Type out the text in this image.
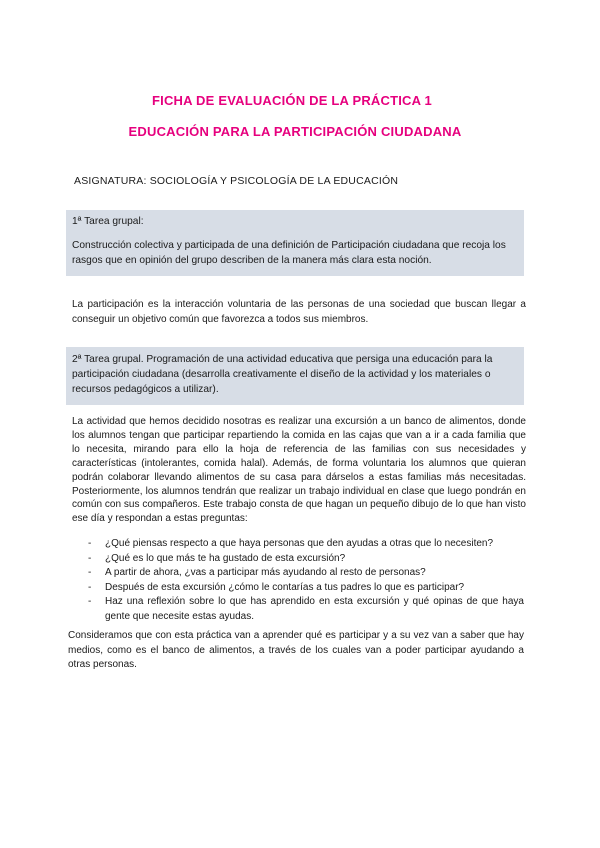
FICHA DE EVALUACIÓN DE LA PRÁCTICA 1
EDUCACIÓN PARA LA PARTICIPACIÓN CIUDADANA
ASIGNATURA: SOCIOLOGÍA Y PSICOLOGÍA DE LA EDUCACIÓN
1ª Tarea grupal:
Construcción colectiva y participada de una definición de Participación ciudadana que recoja los rasgos que en opinión del grupo describen de la manera más clara esta noción.
La participación es la interacción voluntaria de las personas de una sociedad que buscan llegar a conseguir un objetivo común que favorezca a todos sus miembros.
2ª Tarea grupal. Programación de una actividad educativa que persiga una educación para la participación ciudadana (desarrolla creativamente el diseño de la actividad y los materiales o recursos pedagógicos a utilizar).
La actividad que hemos decidido nosotras es realizar una excursión a un banco de alimentos, donde los alumnos tengan que participar repartiendo la comida en las cajas que van a ir a cada familia que lo necesita, mirando para ello la hoja de referencia de las familias con sus necesidades y características (intolerantes, comida halal). Además, de forma voluntaria los alumnos que quieran podrán colaborar llevando alimentos de su casa para dárselos a estas familias más necesitadas. Posteriormente, los alumnos tendrán que realizar un trabajo individual en clase que luego pondrán en común con sus compañeros. Este trabajo consta de que hagan un pequeño dibujo de lo que han visto ese día y respondan a estas preguntas:
- ¿Qué piensas respecto a que haya personas que den ayudas a otras que lo necesiten?
- ¿Qué es lo que más te ha gustado de esta excursión?
- A partir de ahora, ¿vas a participar más ayudando al resto de personas?
- Después de esta excursión ¿cómo le contarías a tus padres lo que es participar?
- Haz una reflexión sobre lo que has aprendido en esta excursión y qué opinas de que haya gente que necesite estas ayudas.
Consideramos que con esta práctica van a aprender qué es participar y a su vez van a saber que hay medios, como es el banco de alimentos, a través de los cuales van a poder participar ayudando a otras personas.
